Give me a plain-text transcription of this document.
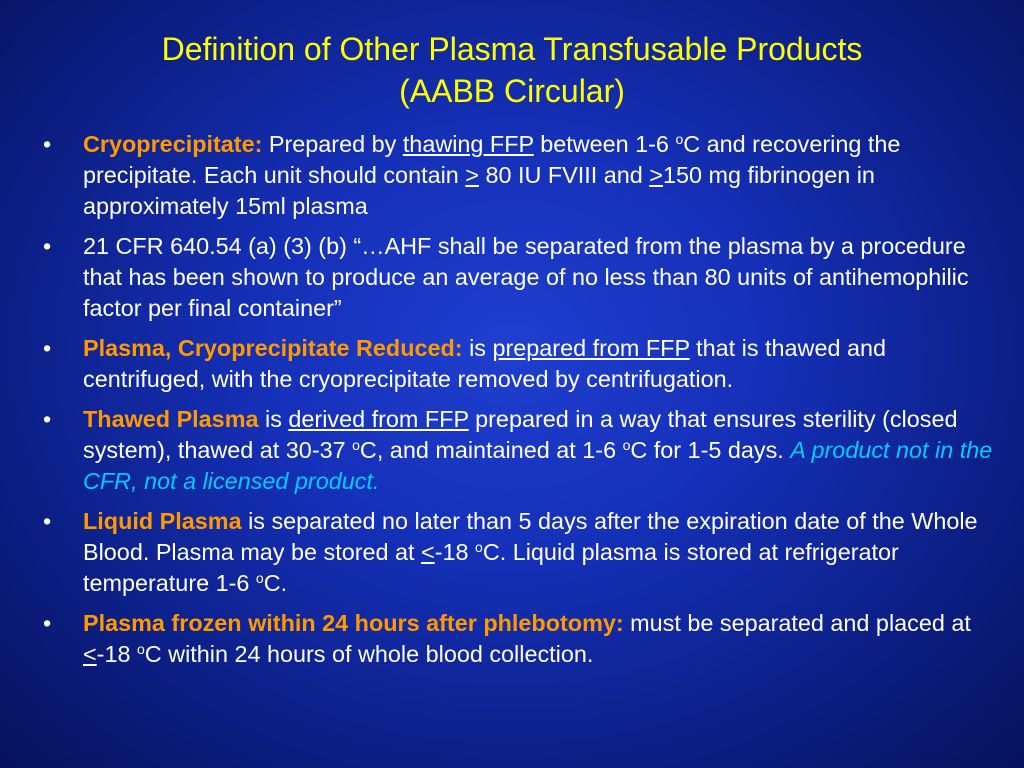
Definition of Other Plasma Transfusable Products
(AABB Circular)
• Cryoprecipitate: Prepared by thawing FFP between 1-6 $^o$C and recovering the precipitate. Each unit should contain > 80 IU FVIII and >150 mg fibrinogen in approximately 15ml plasma
• 21 CFR 640.54 (a) (3) (b) “…AHF shall be separated from the plasma by a procedure that has been shown to produce an average of no less than 80 units of antihemophilic factor per final container”
• Plasma, Cryoprecipitate Reduced: is prepared from FFP that is thawed and centrifuged, with the cryoprecipitate removed by centrifugation.
• Thawed Plasma is derived from FFP prepared in a way that ensures sterility (closed system), thawed at 30-37 $^o$C, and maintained at 1-6 $^o$C for 1-5 days. A product not in the CFR, not a licensed product.
• Liquid Plasma is separated no later than 5 days after the expiration date of the Whole Blood. Plasma may be stored at <-18 $^o$C. Liquid plasma is stored at refrigerator temperature 1-6 $^o$C.
• Plasma frozen within 24 hours after phlebotomy: must be separated and placed at <-18 $^o$C within 24 hours of whole blood collection.
